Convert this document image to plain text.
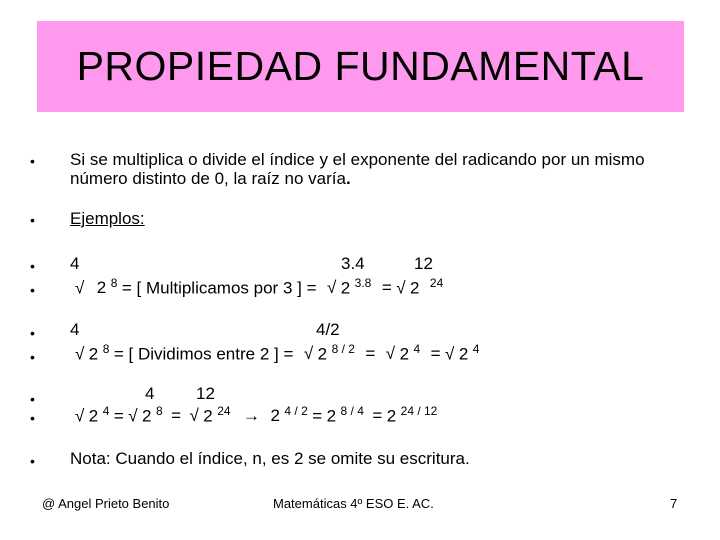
PROPIEDAD FUNDAMENTAL
• Si se multiplica o divide el índice y el exponente del radicando por un mismo
número distinto de 0, la raíz no varía.
• Ejemplos:
•
•
4	3.4	12
√ 2 $^8$ = [ Multiplicamos por 3 ] = √ 2 $^{3.8}$ = √ 2 $^{24}$
•
•
4	4/2
√ 2 $^8$ = [ Dividimos entre 2 ] = √ 2 $^{8 / 2}$ = √ 2 $^4$ = √ 2 $^4$
•
•
4 12
√ 2 $^4$ = √ 2 $^8$ = √ 2 $^{24}$ → 2 $^{4 / 2}$ = 2 $^{8 / 4}$ = 2 $^{24 / 12}$
• Nota: Cuando el índice, n, es 2 se omite su escritura.
@ Angel Prieto Benito	Matemáticas 4º ESO E. AC.	7
